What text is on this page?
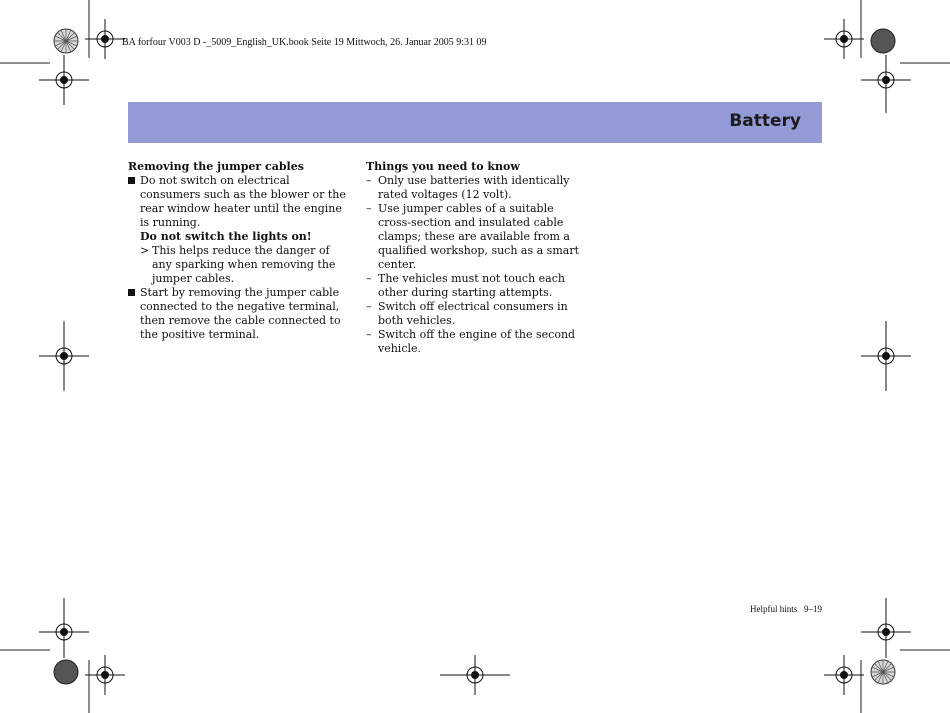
BA forfour V003 D -_5009_English_UK.book Seite 19 Mittwoch, 26. Januar 2005 9:31 09
Battery
Removing the jumper cables
Do not switch on electrical consumers such as the blower or the rear window heater until the engine is running.
Do not switch the lights on!
> This helps reduce the danger of any sparking when removing the jumper cables.
Start by removing the jumper cable connected to the negative terminal, then remove the cable connected to the positive terminal.
Things you need to know
– Only use batteries with identically rated voltages (12 volt).
– Use jumper cables of a suitable cross-section and insulated cable clamps; these are available from a qualified workshop, such as a smart center.
– The vehicles must not touch each other during starting attempts.
– Switch off electrical consumers in both vehicles.
– Switch off the engine of the second vehicle.
Helpful hints 9–19
